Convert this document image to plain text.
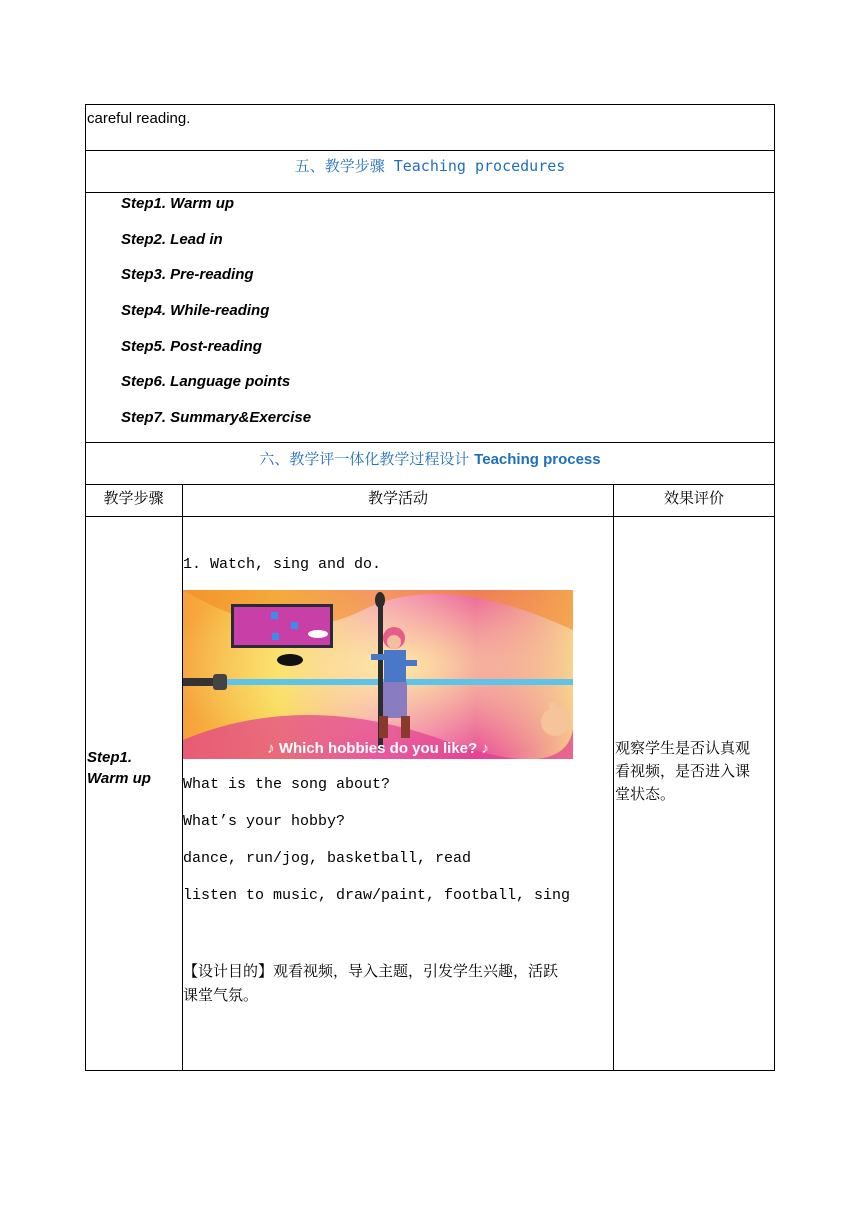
careful reading.
五、教学步骤 Teaching procedures
Step1. Warm up
Step2. Lead in
Step3. Pre-reading
Step4. While-reading
Step5. Post-reading
Step6. Language points
Step7. Summary&Exercise
六、教学评一体化教学过程设计 Teaching process
教学步骤	教学活动	效果评价
Step1.
Warm up
1. Watch, sing and do.
♪ Which hobbies do you like? ♪
What is the song about?
What’s your hobby?
dance, run/jog, basketball, read
listen to music, draw/paint, football, sing
【设计目的】观看视频，导入主题，引发学生兴趣，活跃
课堂气氛。
观察学生是否认真观
看视频，是否进入课
堂状态。
